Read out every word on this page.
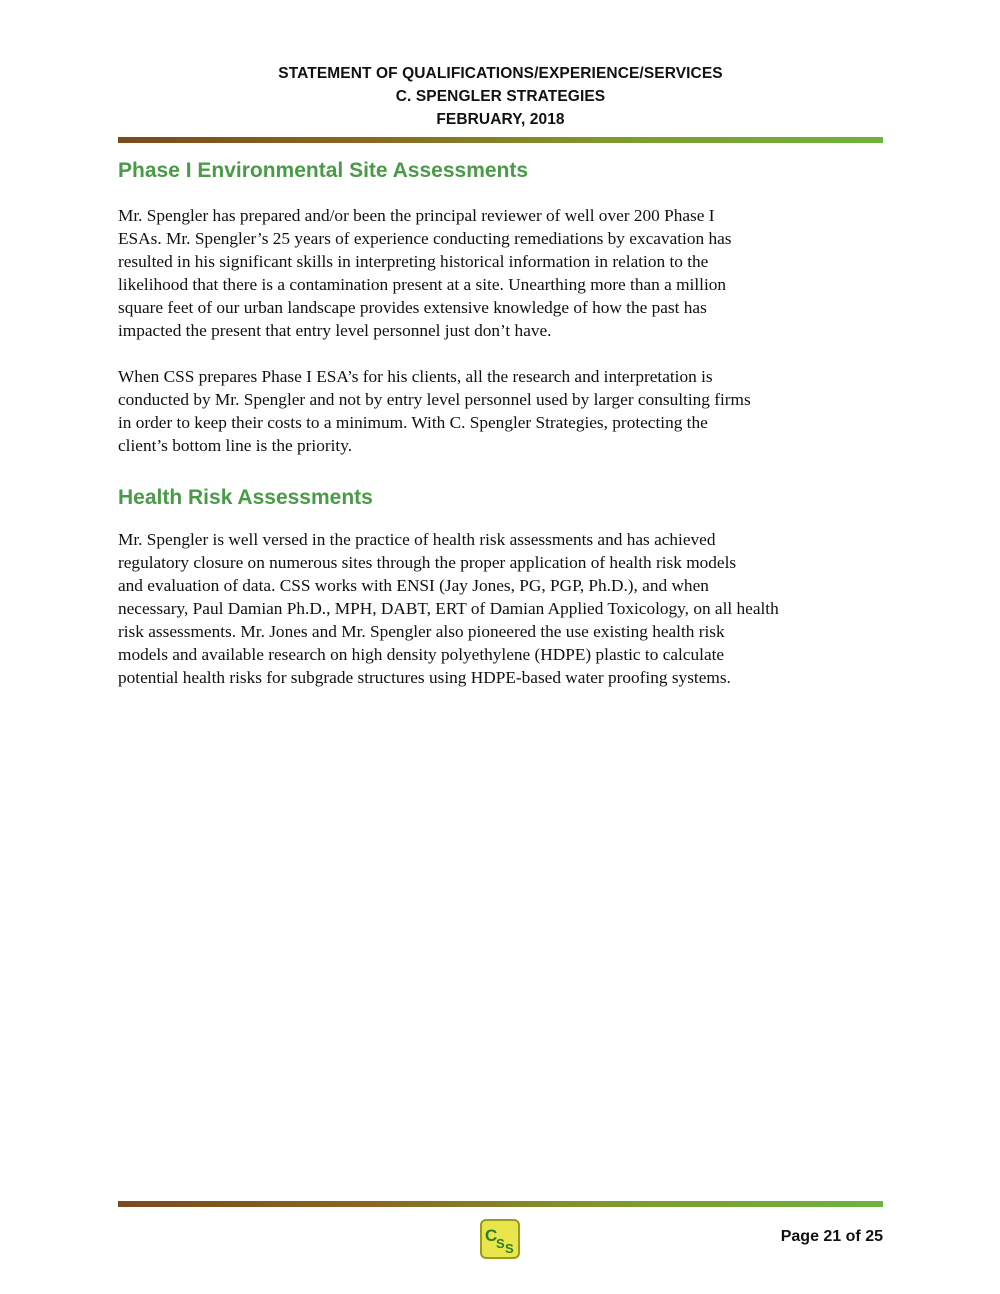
STATEMENT OF QUALIFICATIONS/EXPERIENCE/SERVICES
C. SPENGLER STRATEGIES
FEBRUARY, 2018
Phase I Environmental Site Assessments
Mr. Spengler has prepared and/or been the principal reviewer of well over 200 Phase I
ESAs. Mr. Spengler’s 25 years of experience conducting remediations by excavation has
resulted in his significant skills in interpreting historical information in relation to the
likelihood that there is a contamination present at a site. Unearthing more than a million
square feet of our urban landscape provides extensive knowledge of how the past has
impacted the present that entry level personnel just don’t have.
When CSS prepares Phase I ESA’s for his clients, all the research and interpretation is
conducted by Mr. Spengler and not by entry level personnel used by larger consulting firms
in order to keep their costs to a minimum. With C. Spengler Strategies, protecting the
client’s bottom line is the priority.
Health Risk Assessments
Mr. Spengler is well versed in the practice of health risk assessments and has achieved
regulatory closure on numerous sites through the proper application of health risk models
and evaluation of data. CSS works with ENSI (Jay Jones, PG, PGP, Ph.D.), and when
necessary, Paul Damian Ph.D., MPH, DABT, ERT of Damian Applied Toxicology, on all health
risk assessments. Mr. Jones and Mr. Spengler also pioneered the use existing health risk
models and available research on high density polyethylene (HDPE) plastic to calculate
potential health risks for subgrade structures using HDPE-based water proofing systems.
C
S S
Page 21 of 25
